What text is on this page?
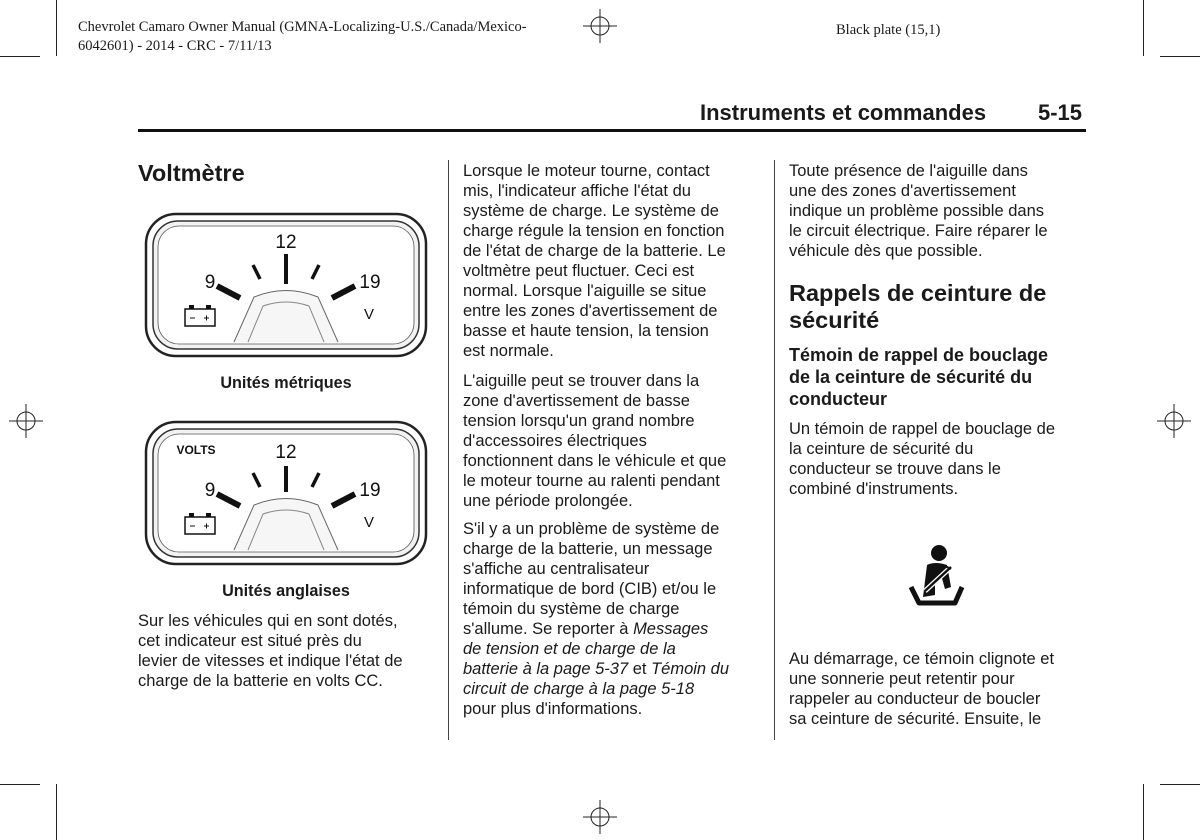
Chevrolet Camaro Owner Manual (GMNA-Localizing-U.S./Canada/Mexico-
6042601) - 2014 - CRC - 7/11/13
Black plate (15,1)
Instruments et commandes 5-15
Voltmètre
12
9	19
V
Unités métriques
VOLTS	12
9	19
V
Unités anglaises
Sur les véhicules qui en sont dotés,
cet indicateur est situé près du
levier de vitesses et indique l'état de
charge de la batterie en volts CC.
Lorsque le moteur tourne, contact
mis, l'indicateur affiche l'état du
système de charge. Le système de
charge régule la tension en fonction
de l'état de charge de la batterie. Le
voltmètre peut fluctuer. Ceci est
normal. Lorsque l'aiguille se situe
entre les zones d'avertissement de
basse et haute tension, la tension
est normale.
L'aiguille peut se trouver dans la
zone d'avertissement de basse
tension lorsqu'un grand nombre
d'accessoires électriques
fonctionnent dans le véhicule et que
le moteur tourne au ralenti pendant
une période prolongée.
S'il y a un problème de système de
charge de la batterie, un message
s'affiche au centralisateur
informatique de bord (CIB) et/ou le
témoin du système de charge
s'allume. Se reporter à Messages
de tension et de charge de la
batterie à la page 5-37 et Témoin du
circuit de charge à la page 5-18
pour plus d'informations.
Toute présence de l'aiguille dans
une des zones d'avertissement
indique un problème possible dans
le circuit électrique. Faire réparer le
véhicule dès que possible.
Rappels de ceinture de
sécurité
Témoin de rappel de bouclage
de la ceinture de sécurité du
conducteur
Un témoin de rappel de bouclage de
la ceinture de sécurité du
conducteur se trouve dans le
combiné d'instruments.
Au démarrage, ce témoin clignote et
une sonnerie peut retentir pour
rappeler au conducteur de boucler
sa ceinture de sécurité. Ensuite, le
